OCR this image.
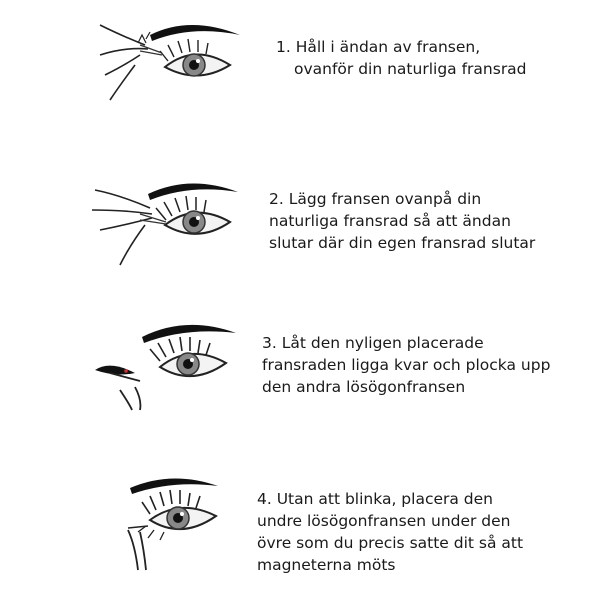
1. Håll i ändan av fransen,
ovanför din naturliga fransrad
2. Lägg fransen ovanpå din
naturliga fransrad så att ändan
slutar där din egen fransrad slutar
3. Låt den nyligen placerade
fransraden ligga kvar och plocka upp
den andra lösögonfransen
4. Utan att blinka, placera den
undre lösögonfransen under den
övre som du precis satte dit så att
magneterna möts
